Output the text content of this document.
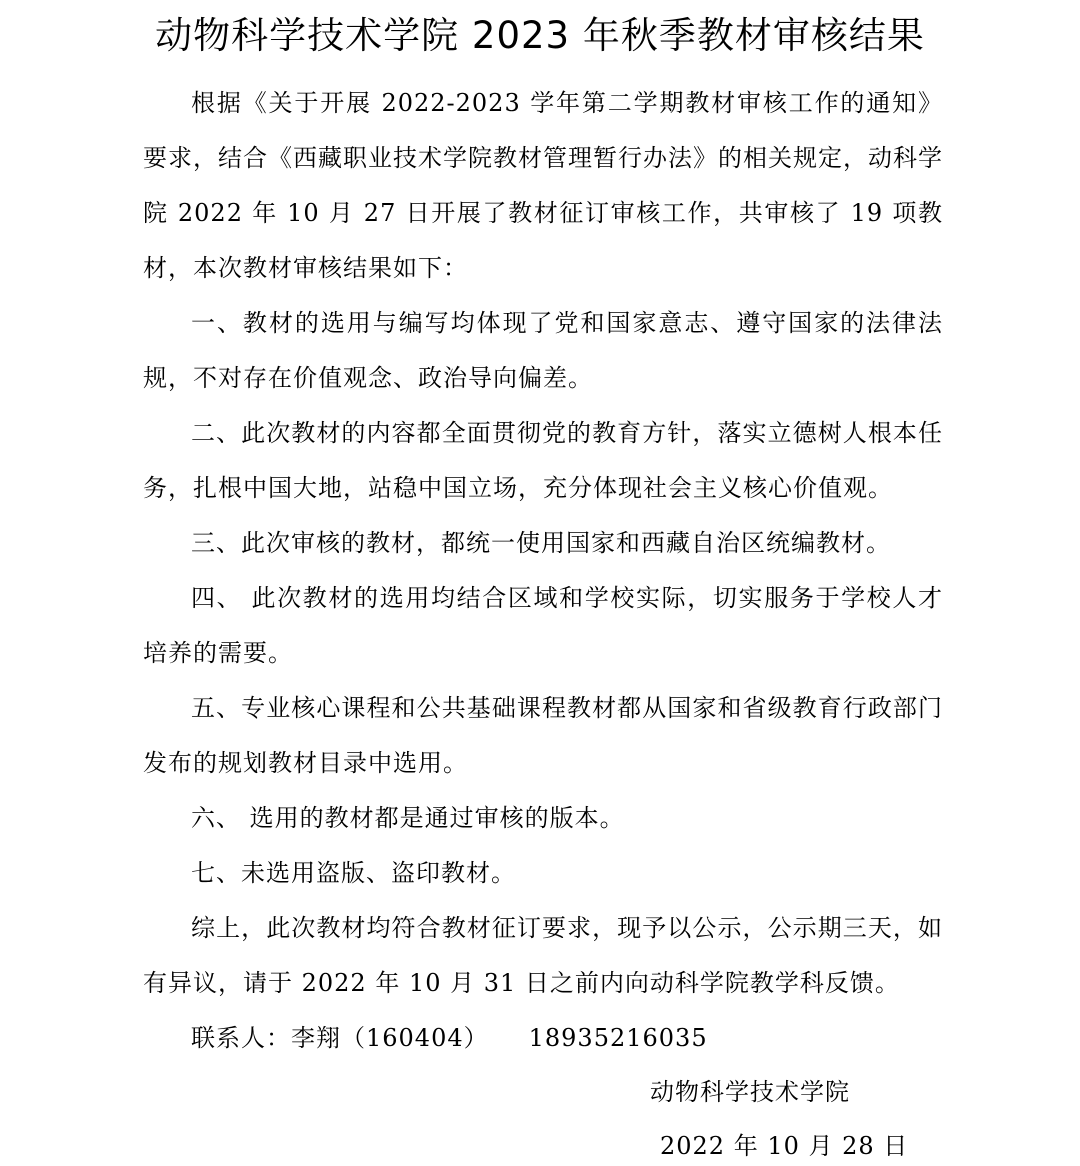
动物科学技术学院 2023 年秋季教材审核结果

根据《关于开展 2022-2023 学年第二学期教材审核工作的通知》要求，结合《西藏职业技术学院教材管理暂行办法》的相关规定，动科学院 2022 年 10 月 27 日开展了教材征订审核工作，共审核了 19 项教材，本次教材审核结果如下：

一、教材的选用与编写均体现了党和国家意志、遵守国家的法律法规，不对存在价值观念、政治导向偏差。

二、此次教材的内容都全面贯彻党的教育方针，落实立德树人根本任务，扎根中国大地，站稳中国立场，充分体现社会主义核心价值观。

三、此次审核的教材，都统一使用国家和西藏自治区统编教材。

四、 此次教材的选用均结合区域和学校实际，切实服务于学校人才培养的需要。

五、专业核心课程和公共基础课程教材都从国家和省级教育行政部门发布的规划教材目录中选用。

六、 选用的教材都是通过审核的版本。

七、未选用盗版、盗印教材。

综上，此次教材均符合教材征订要求，现予以公示，公示期三天，如有异议，请于 2022 年 10 月 31 日之前内向动科学院教学科反馈。

联系人：李翔（160404） 18935216035

动物科学技术学院
2022 年 10 月 28 日
